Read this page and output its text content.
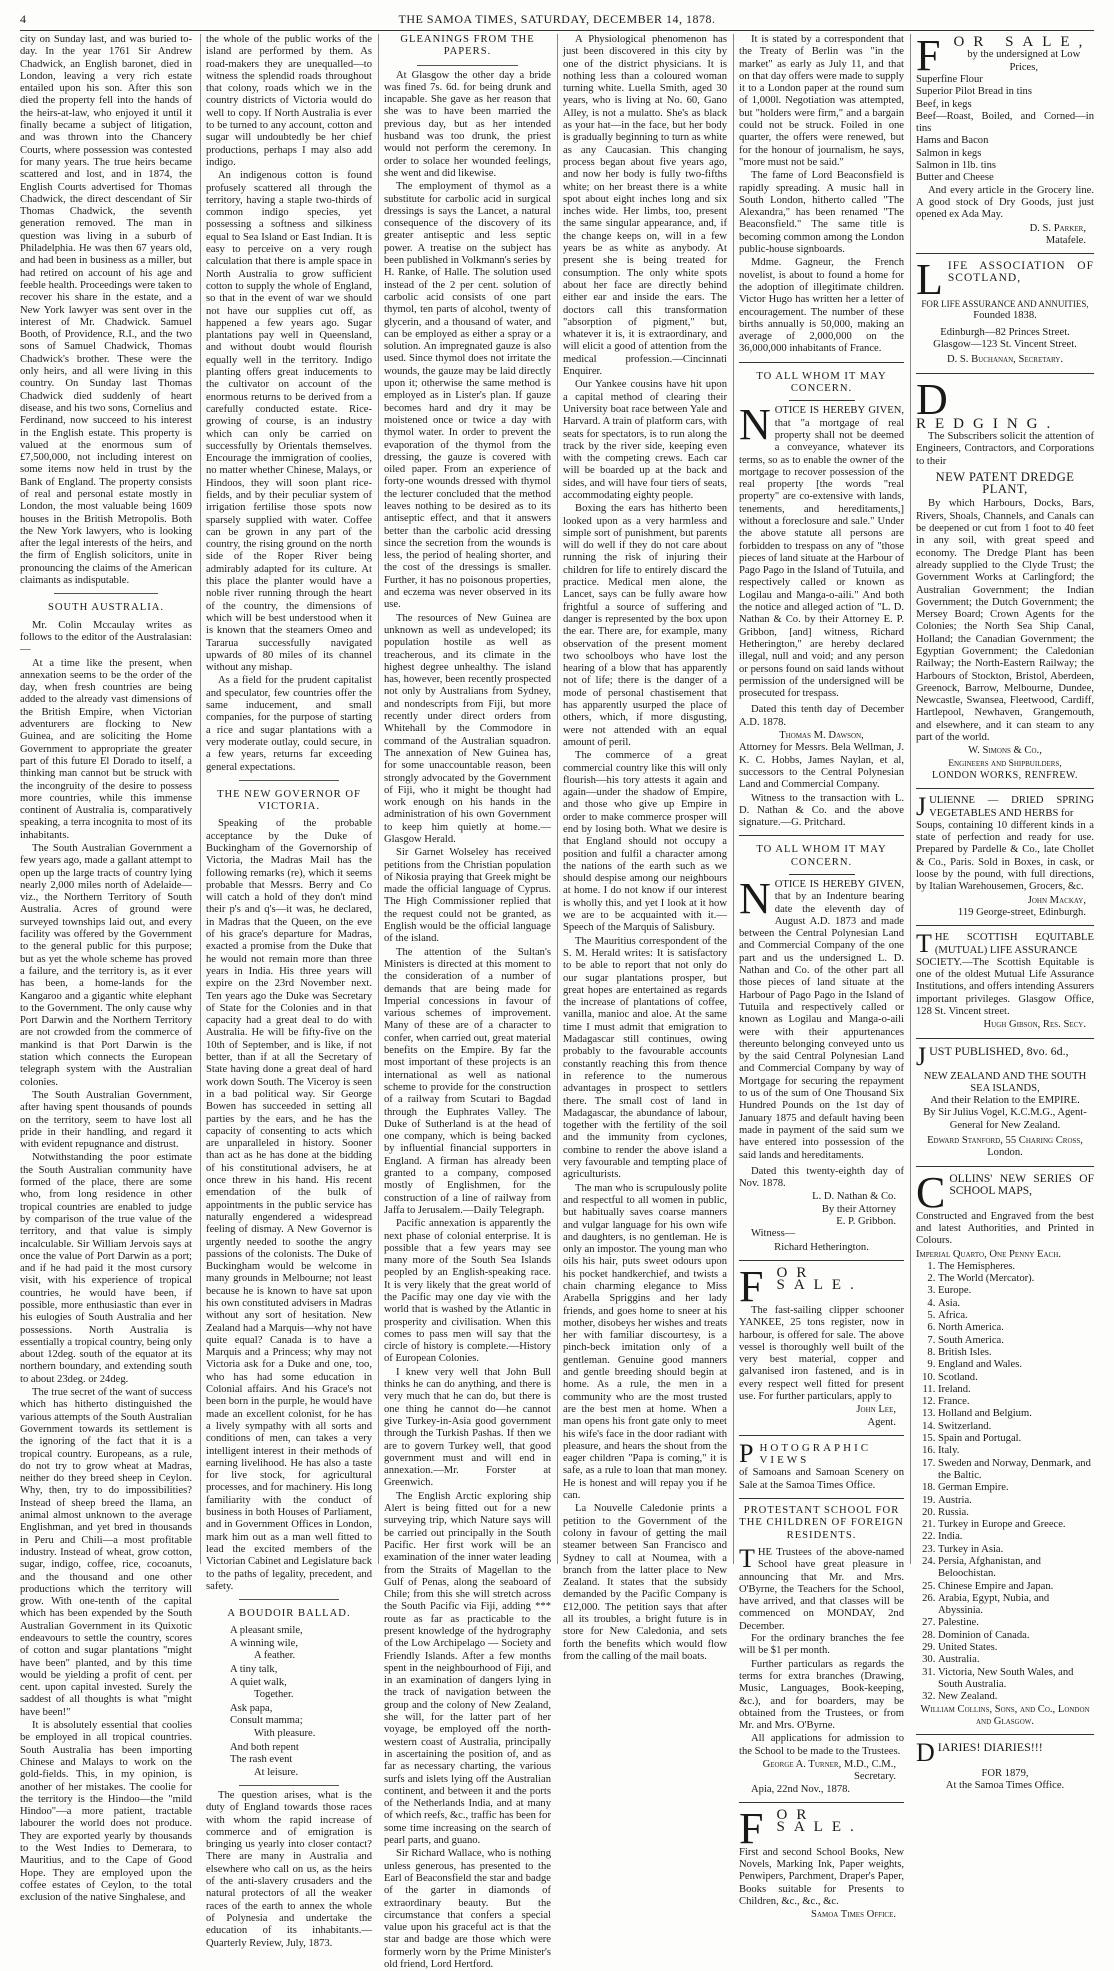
4	THE SAMOA TIMES, SATURDAY, DECEMBER 14, 1878.

city on Sunday last, and was buried to-day. In the year 1761 Sir Andrew Chadwick, an English baronet, died in London, leaving a very rich estate entailed upon his son. After this son died the property fell into the hands of the heirs-at-law, who enjoyed it until it finally became a subject of litigation, and was thrown into the Chancery Courts, where possession was contested for many years. The true heirs became scattered and lost, and in 1874, the English Courts advertised for Thomas Chadwick, the direct descendant of Sir Thomas Chadwick, the seventh generation removed. The man in question was living in a suburb of Philadelphia. He was then 67 years old, and had been in business as a miller, but had retired on account of his age and feeble health. Proceedings were taken to recover his share in the estate, and a New York lawyer was sent over in the interest of Mr. Chadwick. Samuel Booth, of Providence, R.I., and the two sons of Samuel Chadwick, Thomas Chadwick's brother. These were the only heirs, and all were living in this country. On Sunday last Thomas Chadwick died suddenly of heart disease, and his two sons, Cornelius and Ferdinand, now succeed to his interest in the English estate. This property is valued at the enormous sum of £7,500,000, not including interest on some items now held in trust by the Bank of England. The property consists of real and personal estate mostly in London, the most valuable being 1609 houses in the British Metropolis. Both the New York lawyers, who is looking after the legal interests of the heirs, and the firm of English solicitors, unite in pronouncing the claims of the American claimants as indisputable.

SOUTH AUSTRALIA.

Mr. Colin Mccaulay writes as follows to the editor of the Australasian:—

At a time like the present, when annexation seems to be the order of the day, when fresh countries are being added to the already vast dimensions of the British Empire, when Victorian adventurers are flocking to New Guinea, and are soliciting the Home Government to appropriate the greater part of this future El Dorado to itself, a thinking man cannot but be struck with the incongruity of the desire to possess more countries, while this immense continent of Australia is, comparatively speaking, a terra incognita to most of its inhabitants.

The South Australian Government a few years ago, made a gallant attempt to open up the large tracts of country lying nearly 2,000 miles north of Adelaide—viz., the Northern Territory of South Australia. Acres of ground were surveyed townships laid out, and every facility was offered by the Government to the general public for this purpose; but as yet the whole scheme has proved a failure, and the territory is, as it ever has been, a home-lands for the Kangaroo and a gigantic white elephant to the Government. The only cause why Port Darwin and the Northern Territory are not crowded from the commerce of mankind is that Port Darwin is the station which connects the European telegraph system with the Australian colonies.

The South Australian Government, after having spent thousands of pounds on the territory, seem to have lost all pride in their handling, and regard it with evident repugnance and distrust.

Notwithstanding the poor estimate the South Australian community have formed of the place, there are some who, from long residence in other tropical countries are enabled to judge by comparison of the true value of the territory, and that value is simply incalculable. Sir William Jervois says at once the value of Port Darwin as a port; and if he had paid it the most cursory visit, with his experience of tropical countries, he would have been, if possible, more enthusiastic than ever in his eulogies of South Australia and her possessions. North Australia is essentially a tropical country, being only about 12deg. south of the equator at its northern boundary, and extending south to about 23deg. or 24deg.

The true secret of the want of success which has hitherto distinguished the various attempts of the South Australian Government towards its settlement is the ignoring of the fact that it is a tropical country. Europeans, as a rule, do not try to grow wheat at Madras, neither do they breed sheep in Ceylon. Why, then, try to do impossibilities? Instead of sheep breed the llama, an animal almost unknown to the average Englishman, and yet bred in thousands in Peru and Chili—a most profitable industry. Instead of wheat, grow cotton, sugar, indigo, coffee, rice, cocoanuts, and the thousand and one other productions which the territory will grow. With one-tenth of the capital which has been expended by the South Australian Government in its Quixotic endeavours to settle the country, scores of cotton and sugar plantations "might have been" planted, and by this time would be yielding a profit of cent. per cent. upon capital invested. Surely the saddest of all thoughts is what "might have been!"

It is absolutely essential that coolies be employed in all tropical countries. South Australia has been importing Chinese and Malays to work on the gold-fields. This, in my opinion, is another of her mistakes. The coolie for the territory is the Hindoo—the "mild Hindoo"—a more patient, tractable labourer the world does not produce. They are exported yearly by thousands to the West Indies to Demerara, to Mauritius, and to the Cape of Good Hope. They are employed upon the coffee estates of Ceylon, to the total exclusion of the native Singhalese, and

the whole of the public works of the island are performed by them. As road-makers they are unequalled—to witness the splendid roads throughout that colony, roads which we in the country districts of Victoria would do well to copy. If North Australia is ever to be turned to any account, cotton and sugar will undoubtedly be her chief productions, perhaps I may also add indigo.

An indigenous cotton is found profusely scattered all through the territory, having a staple two-thirds of common indigo species, yet possessing a softness and silkiness equal to Sea Island or East Indian. It is easy to perceive on a very rough calculation that there is ample space in North Australia to grow sufficient cotton to supply the whole of England, so that in the event of war we should not have our supplies cut off, as happened a few years ago. Sugar plantations pay well in Queensland, and without doubt would flourish equally well in the territory. Indigo planting offers great inducements to the cultivator on account of the enormous returns to be derived from a carefully conducted estate. Rice-growing of course, is an industry which can only be carried on successfully by Orientals themselves. Encourage the immigration of coolies, no matter whether Chinese, Malays, or Hindoos, they will soon plant rice-fields, and by their peculiar system of irrigation fertilise those spots now sparsely supplied with water. Coffee can be grown in any part of the country, the rising ground on the north side of the Roper River being admirably adapted for its culture. At this place the planter would have a noble river running through the heart of the country, the dimensions of which will be best understood when it is known that the steamers Omeo and Tararua successfully navigated upwards of 80 miles of its channel without any mishap.

As a field for the prudent capitalist and speculator, few countries offer the same inducement, and small companies, for the purpose of starting a rice and sugar plantations with a very moderate outlay, could secure, in a few years, returns far exceeding general expectations.

THE NEW GOVERNOR OF VICTORIA.

Speaking of the probable acceptance by the Duke of Buckingham of the Governorship of Victoria, the Madras Mail has the following remarks (re), which it seems probable that Messrs. Berry and Co will catch a hold of they don't mind their p's and q's—it was, he declared, in Madras that the Queen, on the eve of his grace's departure for Madras, exacted a promise from the Duke that he would not remain more than three years in India. His three years will expire on the 23rd November next. Ten years ago the Duke was Secretary of State for the Colonies and in that capacity had a great deal to do with Australia. He will be fifty-five on the 10th of September, and is like, if not better, than if at all the Secretary of State having done a great deal of hard work down South. The Viceroy is seen in a bad political way. Sir George Bowen has succeeded in setting all parties by the ears, and he has the capacity of consenting to acts which are unparalleled in history. Sooner than act as he has done at the bidding of his constitutional advisers, he at once threw in his hand. His recent emendation of the bulk of appointments in the public service has naturally engendered a widespread feeling of dismay. A New Governor is urgently needed to soothe the angry passions of the colonists. The Duke of Buckingham would be welcome in many grounds in Melbourne; not least because he is known to have sat upon his own constituted advisers in Madras without any sort of hesitation. New Zealand had a Marquis—why not have quite equal? Canada is to have a Marquis and a Princess; why may not Victoria ask for a Duke and one, too, who has had some education in Colonial affairs. And his Grace's not been born in the purple, he would have made an excellent colonist, for he has a lively sympathy with all sorts and conditions of men, can takes a very intelligent interest in their methods of earning livelihood. He has also a taste for live stock, for agricultural processes, and for machinery. His long familiarity with the conduct of business in both Houses of Parliament, and in Government Offices in London, mark him out as a man well fitted to lead the excited members of the Victorian Cabinet and Legislature back to the paths of legality, precedent, and safety.

A BOUDOIR BALLAD.
A pleasant smile,
A winning wile,
A feather.
A tiny talk,
A quiet walk,
Together.
Ask papa,
Consult mamma;
With pleasure.
And both repent
The rash event
At leisure.

The question arises, what is the duty of England towards those races with whom the rapid increase of commerce and of emigration is bringing us yearly into closer contact? There are many in Australia and elsewhere who call on us, as the heirs of the anti-slavery crusaders and the natural protectors of all the weaker races of the earth to annex the whole of Polynesia and undertake the education of its inhabitants.—Quarterly Review, July, 1873.

GLEANINGS FROM THE PAPERS.

At Glasgow the other day a bride was fined 7s. 6d. for being drunk and incapable. She gave as her reason that she was to have been married the previous day, but as her intended husband was too drunk, the priest would not perform the ceremony. In order to solace her wounded feelings, she went and did likewise.

The employment of thymol as a substitute for carbolic acid in surgical dressings is says the Lancet, a natural consequence of the discovery of its greater antiseptic and less septic power. A treatise on the subject has been published in Volkmann's series by H. Ranke, of Halle. The solution used instead of the 2 per cent. solution of carbolic acid consists of one part thymol, ten parts of alcohol, twenty of glycerin, and a thousand of water, and can be employed as either a spray or a solution. An impregnated gauze is also used. Since thymol does not irritate the wounds, the gauze may be laid directly upon it; otherwise the same method is employed as in Lister's plan. If gauze becomes hard and dry it may be moistened once or twice a day with thymol water. In order to prevent the evaporation of the thymol from the dressing, the gauze is covered with oiled paper. From an experience of forty-one wounds dressed with thymol the lecturer concluded that the method leaves nothing to be desired as to its antiseptic effect, and that it answers better than the carbolic acid dressing since the secretion from the wounds is less, the period of healing shorter, and the cost of the dressings is smaller. Further, it has no poisonous properties, and eczema was never observed in its use.

The resources of New Guinea are unknown as well as undeveloped; its population hostile as well as treacherous, and its climate in the highest degree unhealthy. The island has, however, been recently prospected not only by Australians from Sydney, and nondescripts from Fiji, but more recently under direct orders from Whitehall by the Commodore in command of the Australian squadron. The annexation of New Guinea has, for some unaccountable reason, been strongly advocated by the Government of Fiji, who it might be thought had work enough on his hands in the administration of his own Government to keep him quietly at home.—Glasgow Herald.

Sir Garnet Wolseley has received petitions from the Christian population of Nikosia praying that Greek might be made the official language of Cyprus. The High Commissioner replied that the request could not be granted, as English would be the official language of the island.

The attention of the Sultan's Ministers is directed at this moment to the consideration of a number of demands that are being made for Imperial concessions in favour of various schemes of improvement. Many of these are of a character to confer, when carried out, great material benefits on the Empire. By far the most important of these projects is an international as well as national scheme to provide for the construction of a railway from Scutari to Bagdad through the Euphrates Valley. The Duke of Sutherland is at the head of one company, which is being backed by influential financial supporters in England. A firman has already been granted to a company, composed mostly of Englishmen, for the construction of a line of railway from Jaffa to Jerusalem.—Daily Telegraph.

Pacific annexation is apparently the next phase of colonial enterprise. It is possible that a few years may see many more of the South Sea Islands peopled by an English-speaking race. It is very likely that the great world of the Pacific may one day vie with the world that is washed by the Atlantic in prosperity and civilisation. When this comes to pass men will say that the circle of history is complete.—History of European Colonies.

I knew very well that John Bull thinks he can do anything, and there is very much that he can do, but there is one thing he cannot do—he cannot give Turkey-in-Asia good government through the Turkish Pashas. If then we are to govern Turkey well, that good government must and will end in annexation.—Mr. Forster at Greenwich.

The English Arctic exploring ship Alert is being fitted out for a new surveying trip, which Nature says will be carried out principally in the South Pacific. Her first work will be an examination of the inner water leading from the Straits of Magellan to the Gulf of Penas, along the seaboard of Chile; from this she will stretch across the South Pacific via Fiji, adding *** route as far as practicable to the present knowledge of the hydrography of the Low Archipelago — Society and Friendly Islands. After a few months spent in the neighbourhood of Fiji, and in an examination of dangers lying in the track of navigation between the group and the colony of New Zealand, she will, for the latter part of her voyage, be employed off the north-western coast of Australia, principally in ascertaining the position of, and as far as necessary charting, the various surfs and islets lying off the Australian continent, and between it and the ports of the Netherlands India, and at many of which reefs, &c., traffic has been for some time increasing on the search of pearl parts, and guano.

Sir Richard Wallace, who is nothing unless generous, has presented to the Earl of Beaconsfield the star and badge of the garter in diamonds of extraordinary beauty. But the circumstance that confers a special value upon his graceful act is that the star and badge are those which were formerly worn by the Prime Minister's old friend, Lord Hertford.

A Physiological phenomenon has just been discovered in this city by one of the district physicians. It is nothing less than a coloured woman turning white. Luella Smith, aged 30 years, who is living at No. 60, Gano Alley, is not a mulatto. She's as black as your hat—in the face, but her body is gradually beginning to turn as white as any Caucasian. This changing process began about five years ago, and now her body is fully two-fifths white; on her breast there is a white spot about eight inches long and six inches wide. Her limbs, too, present the same singular appearance, and, if the change keeps on, will in a few years be as white as anybody. At present she is being treated for consumption. The only white spots about her face are directly behind either ear and inside the ears. The doctors call this transformation "absorption of pigment," but, whatever it is, it is extraordinary, and will elicit a good of attention from the medical profession.—Cincinnati Enquirer.

Our Yankee cousins have hit upon a capital method of clearing their University boat race between Yale and Harvard. A train of platform cars, with seats for spectators, is to run along the track by the river side, keeping even with the competing crews. Each car will be boarded up at the back and sides, and will have four tiers of seats, accommodating eighty people.

Boxing the ears has hitherto been looked upon as a very harmless and simple sort of punishment, but parents will do well if they do not care about running the risk of injuring their children for life to entirely discard the practice. Medical men alone, the Lancet, says can be fully aware how frightful a source of suffering and danger is represented by the box upon the ear. There are, for example, many observation of the present moment two schoolboys who have lost the hearing of a blow that has apparently not of life; there is the danger of a mode of personal chastisement that has apparently usurped the place of others, which, if more disgusting, were not attended with an equal amount of peril.

The commerce of a great commercial country like this will only flourish—his tory attests it again and again—under the shadow of Empire, and those who give up Empire in order to make commerce prosper will end by losing both. What we desire is that England should not occupy a position and fulfil a character among the nations of the earth such as we should despise among our neighbours at home. I do not know if our interest is wholly this, and yet I look at it how we are to be acquainted with it.—Speech of the Marquis of Salisbury.

The Mauritius correspondent of the S. M. Herald writes: It is satisfactory to be able to report that not only do our sugar plantations prosper, but great hopes are entertained as regards the increase of plantations of coffee, vanilla, manioc and aloe. At the same time I must admit that emigration to Madagascar still continues, owing probably to the favourable accounts constantly reaching this from thence in reference to the numerous advantages in prospect to settlers there. The small cost of land in Madagascar, the abundance of labour, together with the fertility of the soil and the immunity from cyclones, combine to render the above island a very favourable and tempting place of agriculturists.

The man who is scrupulously polite and respectful to all women in public, but habitually saves coarse manners and vulgar language for his own wife and daughters, is no gentleman. He is only an impostor. The young man who oils his hair, puts sweet odours upon his pocket handkerchief, and twists a chain charming elegance to Miss Arabella Spriggins and her lady friends, and goes home to sneer at his mother, disobeys her wishes and treats her with familiar discourtesy, is a pinch-beck imitation only of a gentleman. Genuine good manners and gentle breeding should begin at home. As a rule, the men in a community who are the most trusted are the best men at home. When a man opens his front gate only to meet his wife's face in the door radiant with pleasure, and hears the shout from the eager children "Papa is coming," it is safe, as a rule to loan that man money. He is honest and will repay you if he can.

La Nouvelle Caledonie prints a petition to the Government of the colony in favour of getting the mail steamer between San Francisco and Sydney to call at Noumea, with a branch from the latter place to New Zealand. It states that the subsidy demanded by the Pacific Company is £12,000. The petition says that after all its troubles, a bright future is in store for New Caledonia, and sets forth the benefits which would flow from the calling of the mail boats.

It is stated by a correspondent that the Treaty of Berlin was "in the market" as early as July 11, and that on that day offers were made to supply it to a London paper at the round sum of 1,000l. Negotiation was attempted, but "holders were firm," and a bargain could not be struck. Foiled in one quarter, the offers were renewed, but for the honour of journalism, he says, "more must not be said."

The fame of Lord Beaconsfield is rapidly spreading. A music hall in South London, hitherto called "The Alexandra," has been renamed "The Beaconsfield." The same title is becoming common among the London public-house signboards.

Mdme. Gagneur, the French novelist, is about to found a home for the adoption of illegitimate children. Victor Hugo has written her a letter of encouragement. The number of these births annually is 50,000, making an average of 2,000,000 on the 36,000,000 inhabitants of France.

TO ALL WHOM IT MAY CONCERN.
NOTICE IS HEREBY GIVEN, that "a mortgage of real property shall not be deemed a conveyance, whatever its terms, so as to enable the owner of the mortgage to recover possession of the real property [the words "real property" are co-extensive with lands, tenements, and hereditaments,] without a foreclosure and sale." Under the above statute all persons are forbidden to trespass on any of "those pieces of land situate at the Harbour of Pago Pago in the Island of Tutuila, and respectively called or known as Logilau and Manga-o-aili." And both the notice and alleged action of "L. D. Nathan & Co. by their Attorney E. P. Gribbon, [and] witness, Richard Hetherington," are hereby declared illegal, null and void; and any person or persons found on said lands without permission of the undersigned will be prosecuted for trespass.

Dated this tenth day of December A.D. 1878.

Thomas M. Dawson,

Attorney for Messrs. Bela Wellman, J. K. C. Hobbs, James Naylan, et al, successors to the Central Polynesian Land and Commercial Company.

Witness to the transaction with L. D. Nathan & Co. and the above signature.—G. Pritchard.

TO ALL WHOM IT MAY CONCERN.
NOTICE IS HEREBY GIVEN, that by an Indenture bearing date the eleventh day of August A.D. 1873 and made between the Central Polynesian Land and Commercial Company of the one part and us the undersigned L. D. Nathan and Co. of the other part all those pieces of land situate at the Harbour of Pago Pago in the Island of Tutuila and respectively called or known as Logilau and Manga-o-aili were with their appurtenances thereunto belonging conveyed unto us by the said Central Polynesian Land and Commercial Company by way of Mortgage for securing the repayment to us of the sum of One Thousand Six Hundred Pounds on the 1st day of January 1875 and default having been made in payment of the said sum we have entered into possession of the said lands and hereditaments.

Dated this twenty-eighth day of Nov. 1878.

L. D. Nathan & Co.
By their Attorney
E. P. Gribbon.

Witness—

Richard Hetherington.
FOR SALE.

The fast-sailing clipper schooner YANKEE, 25 tons register, now in harbour, is offered for sale. The above vessel is thoroughly well built of the very best material, copper and galvanised iron fastened, and is in every respect well fitted for present use. For further particulars, apply to

John Lee,
Agent.
PHOTOGRAPHIC VIEWS

of Samoans and Samoan Scenery on Sale at the Samoa Times Office.

PROTESTANT SCHOOL FOR THE CHILDREN OF FOREIGN RESIDENTS.
THE Trustees of the above-named School have great pleasure in announcing that Mr. and Mrs. O'Byrne, the Teachers for the School, have arrived, and that classes will be commenced on MONDAY, 2nd December.

For the ordinary branches the fee will be $1 per month.

Further particulars as regards the terms for extra branches (Drawing, Music, Languages, Book-keeping, &c.), and for boarders, may be obtained from the Trustees, or from Mr. and Mrs. O'Byrne.

All applications for admission to the School to be made to the Trustees.

George A. Turner, M.D., C.M.,
Secretary.

Apia, 22nd Nov., 1878.

FOR SALE.

First and second School Books, New Novels, Marking Ink, Paper weights, Penwipers, Parchment, Draper's Paper, Books suitable for Presents to Children, &c., &c., &c.

Samoa Times Office.
FOR SALE,
by the undersigned at Low Prices,
Superfine Flour
Superior Pilot Bread in tins
Beef, in kegs
Beef—Roast, Boiled, and Corned—in tins
Hams and Bacon
Salmon in kegs
Salmon in 1lb. tins
Butter and Cheese

And every article in the Grocery line. A good stock of Dry Goods, just just opened ex Ada May.

D. S. Parker,
Matafele.
LIFE ASSOCIATION OF SCOTLAND,
FOR LIFE ASSURANCE AND ANNUITIES,
Founded 1838.
Edinburgh—82 Princes Street.
Glasgow—123 St. Vincent Street.
D. S. Buchanan, Secretary.
D
REDGING.

The Subscribers solicit the attention of Engineers, Contractors, and Corporations to their

NEW PATENT DREDGE PLANT,

By which Harbours, Docks, Bars, Rivers, Shoals, Channels, and Canals can be deepened or cut from 1 foot to 40 feet in any soil, with great speed and economy. The Dredge Plant has been already supplied to the Clyde Trust; the Government Works at Carlingford; the Australian Government; the Indian Government; the Dutch Government; the Mersey Board; Crown Agents for the Colonies; the North Sea Ship Canal, Holland; the Canadian Government; the Egyptian Government; the Caledonian Railway; the North-Eastern Railway; the Harbours of Stockton, Bristol, Aberdeen, Greenock, Barrow, Melbourne, Dundee, Newcastle, Swansea, Fleetwood, Cardiff, Hartlepool, Newhaven, Grangemouth, and elsewhere, and it can steam to any part of the world.

W. Simons & Co.,
Engineers and Shipbuilders,
LONDON WORKS, RENFREW.
JULIENNE — DRIED SPRING VEGETABLES AND HERBS for

Soups, containing 10 different kinds in a state of perfection and ready for use. Prepared by Pardelle & Co., late Chollet & Co., Paris. Sold in Boxes, in cask, or loose by the pound, with full directions, by Italian Warehousemen, Grocers, &c.

John Mackay,
119 George-street, Edinburgh.
THE SCOTTISH EQUITABLE (MUTUAL) LIFE ASSURANCE

SOCIETY.—The Scottish Equitable is one of the oldest Mutual Life Assurance Institutions, and offers intending Assurers important privileges. Glasgow Office, 128 St. Vincent street.

Hugh Gibson, Res. Secy.
JUST PUBLISHED, 8vo. 6d.,
NEW ZEALAND AND THE SOUTH SEA ISLANDS,
And their Relation to the EMPIRE.
By Sir Julius Vogel, K.C.M.G., Agent-General for New Zealand.
Edward Stanford, 55 Charing Cross,
London.
COLLINS' NEW SERIES OF SCHOOL MAPS,

Constructed and Engraved from the best and latest Authorities, and Printed in Colours.

Imperial Quarto, One Penny Each.
1. The Hemispheres.
2. The World (Mercator).
3. Europe.
4. Asia.
5. Africa.
6. North America.
7. South America.
8. British Isles.
9. England and Wales.
10. Scotland.
11. Ireland.
12. France.
13. Holland and Belgium.
14. Switzerland.
15. Spain and Portugal.
16. Italy.
17. Sweden and Norway, Denmark, and the Baltic.
18. German Empire.
19. Austria.
20. Russia.
21. Turkey in Europe and Greece.
22. India.
23. Turkey in Asia.
24. Persia, Afghanistan, and Beloochistan.
25. Chinese Empire and Japan.
26. Arabia, Egypt, Nubia, and Abyssinia.
27. Palestine.
28. Dominion of Canada.
29. United States.
30. Australia.
31. Victoria, New South Wales, and South Australia.
32. New Zealand.
William Collins, Sons, and Co., London and Glasgow.
DIARIES! DIARIES!!!
FOR 1879,
At the Samoa Times Office.
